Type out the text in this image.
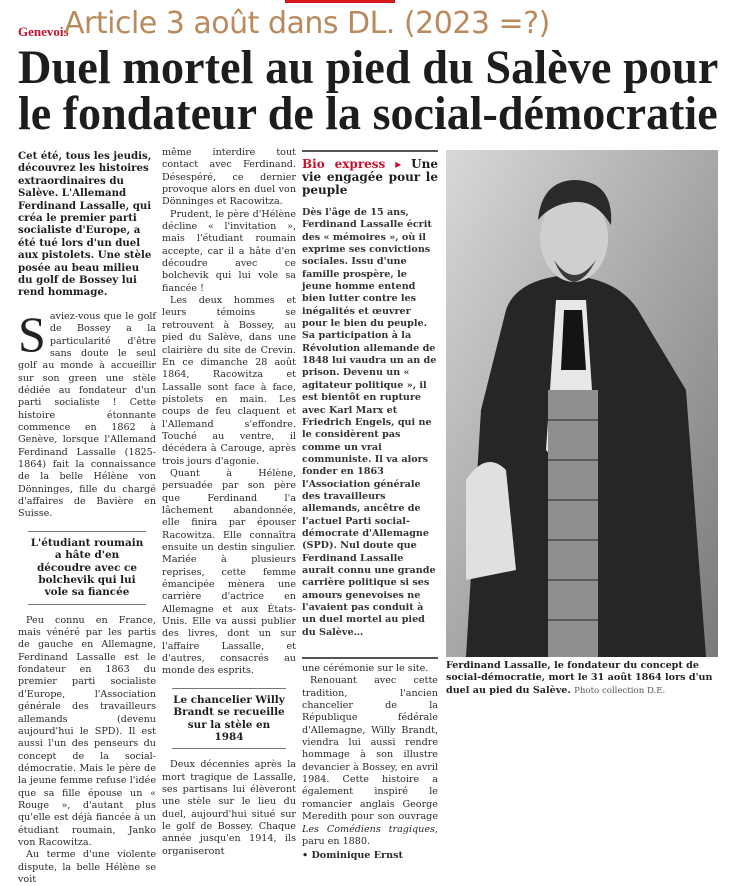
Genevois
Article 3 août dans DL. (2023 =?)
Duel mortel au pied du Salève pour
le fondateur de la social-démocratie
Cet été, tous les jeudis, découvrez les histoires extraordinaires du Salève. L'Allemand Ferdinand Lassalle, qui créa le premier parti socialiste d'Europe, a été tué lors d'un duel aux pistolets. Une stèle posée au beau milieu du golf de Bossey lui rend hommage.

Saviez-vous que le golf de Bossey a la particularité d'être sans doute le seul golf au monde à accueillir sur son green une stèle dédiée au fondateur d'un parti socialiste ! Cette histoire étonnante commence en 1862 à Genève, lorsque l'Allemand Ferdinand Lassalle (1825-1864) fait la connaissance de la belle Hélène von Dönninges, fille du chargé d'affaires de Bavière en Suisse.

L'étudiant roumain a hâte d'en découdre avec ce bolchevik qui lui vole sa fiancée

Peu connu en France, mais vénéré par les partis de gauche en Allemagne, Ferdinand Lassalle est le fondateur en 1863 du premier parti socialiste d'Europe, l'Association générale des travailleurs allemands (devenu aujourd'hui le SPD). Il est aussi l'un des penseurs du concept de la social-démocratie. Mais le père de la jeune femme refuse l'idée que sa fille épouse un « Rouge », d'autant plus qu'elle est déjà fiancée à un étudiant roumain, Janko von Racowitza.

Au terme d'une violente dispute, la belle Hélène se voit

même interdire tout contact avec Ferdinand. Désespéré, ce dernier provoque alors en duel von Dönninges et Racowitza.

Prudent, le père d'Hélène décline « l'invitation », mais l'étudiant roumain accepte, car il a hâte d'en découdre avec ce bolchevik qui lui vole sa fiancée !

Les deux hommes et leurs témoins se retrouvent à Bossey, au pied du Salève, dans une clairière du site de Crevin. En ce dimanche 28 août 1864, Racowitza et Lassalle sont face à face, pistolets en main. Les coups de feu claquent et l'Allemand s'effondre. Touché au ventre, il décédera à Carouge, après trois jours d'agonie.

Quant à Hélène, persuadée par son père que Ferdinand l'a lâchement abandonnée, elle finira par épouser Racowitza. Elle connaîtra ensuite un destin singulier. Mariée à plusieurs reprises, cette femme émancipée mènera une carrière d'actrice en Allemagne et aux États-Unis. Elle va aussi publier des livres, dont un sur l'affaire Lassalle, et d'autres, consacrés au monde des esprits.

Le chancelier Willy Brandt se recueille sur la stèle en 1984

Deux décennies après la mort tragique de Lassalle, ses partisans lui élèveront une stèle sur le lieu du duel, aujourd'hui situé sur le golf de Bossey. Chaque année jusqu'en 1914, ils organiseront

Bio express ▸ Une vie engagée pour le peuple
Dès l'âge de 15 ans, Ferdinand Lassalle écrit des « mémoires », où il exprime ses convictions sociales. Issu d'une famille prospère, le jeune homme entend bien lutter contre les inégalités et œuvrer pour le bien du peuple. Sa participation à la Révolution allemande de 1848 lui vaudra un an de prison. Devenu un « agitateur politique », il est bientôt en rupture avec Karl Marx et Friedrich Engels, qui ne le considèrent pas comme un vrai communiste. Il va alors fonder en 1863 l'Association générale des travailleurs allemands, ancêtre de l'actuel Parti social-démocrate d'Allemagne (SPD). Nul doute que Ferdinand Lassalle aurait connu une grande carrière politique si ses amours genevoises ne l'avaient pas conduit à un duel mortel au pied du Salève…

une cérémonie sur le site.

Renouant avec cette tradition, l'ancien chancelier de la République fédérale d'Allemagne, Willy Brandt, viendra lui aussi rendre hommage à son illustre devancier à Bossey, en avril 1984. Cette histoire a également inspiré le romancier anglais George Meredith pour son ouvrage Les Comédiens tragiques, paru en 1880.

• Dominique Ernst
Ferdinand Lassalle, le fondateur du concept de social-démocratie, mort le 31 août 1864 lors d'un duel au pied du Salève. Photo collection D.E.
